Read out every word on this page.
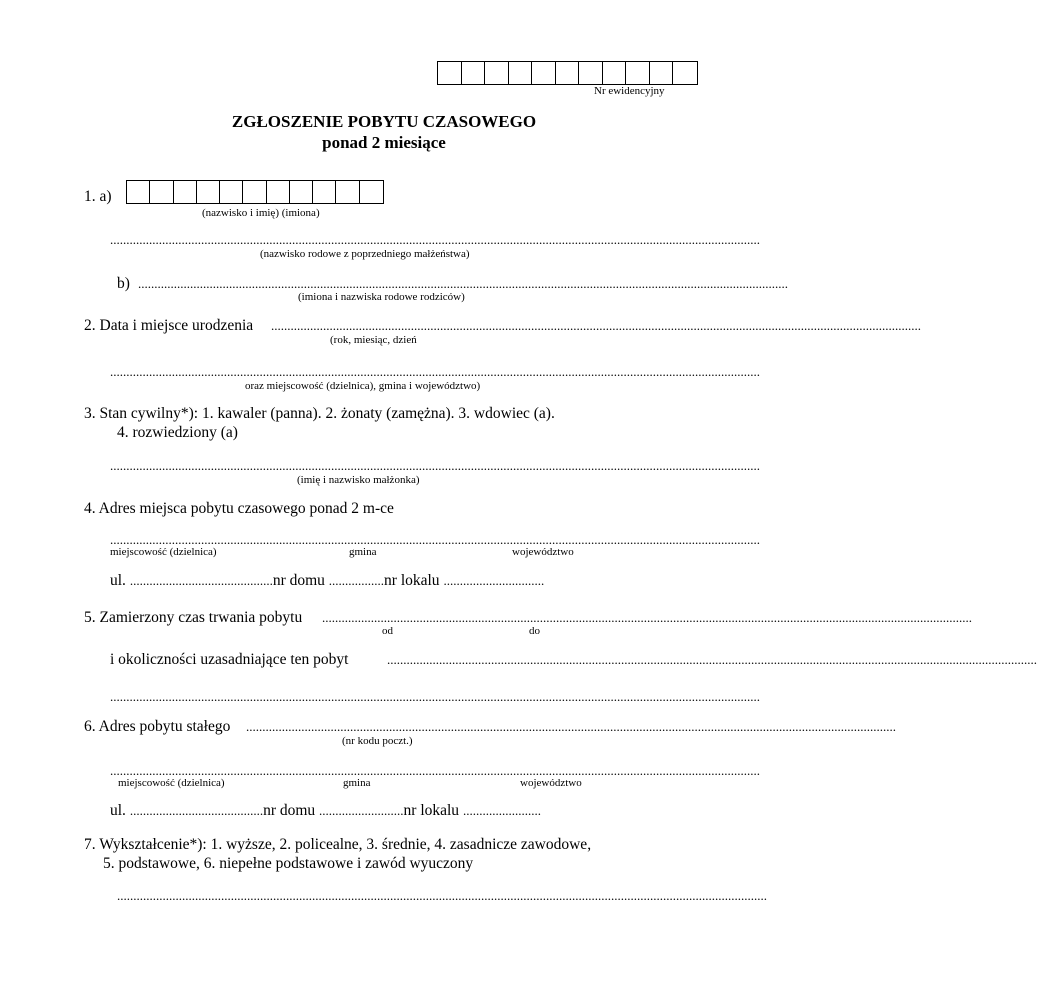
Nr ewidencyjny
ZGŁOSZENIE POBYTU CZASOWEGO
ponad 2 miesiące
1. a)
(nazwisko i imię) (imiona)
........................................................................................................................................................................................................
(nazwisko rodowe z poprzedniego małżeństwa)
b) ........................................................................................................................................................................................................
(imiona i nazwiska rodowe rodziców)
2. Data i miejsce urodzenia ........................................................................................................................................................................................................
(rok, miesiąc, dzień
........................................................................................................................................................................................................
oraz miejscowość (dzielnica), gmina i województwo)
3. Stan cywilny*): 1. kawaler (panna). 2. żonaty (zamężna). 3. wdowiec (a).
4. rozwiedziony (a)
........................................................................................................................................................................................................
(imię i nazwisko małżonka)
4. Adres miejsca pobytu czasowego ponad 2 m-ce
........................................................................................................................................................................................................
miejscowość (dzielnica)	gmina	województwo
ul. ............................................nr domu .................nr lokalu ...............................
5. Zamierzony czas trwania pobytu ........................................................................................................................................................................................................
od	do
i okoliczności uzasadniające ten pobyt	........................................................................................................................................................................................................
........................................................................................................................................................................................................
6. Adres pobytu stałego ........................................................................................................................................................................................................
(nr kodu poczt.)
........................................................................................................................................................................................................
miejscowość (dzielnica)	gmina	województwo
ul. .........................................nr domu ..........................nr lokalu ........................
7. Wykształcenie*): 1. wyższe, 2. policealne, 3. średnie, 4. zasadnicze zawodowe,
5. podstawowe, 6. niepełne podstawowe i zawód wyuczony
........................................................................................................................................................................................................
